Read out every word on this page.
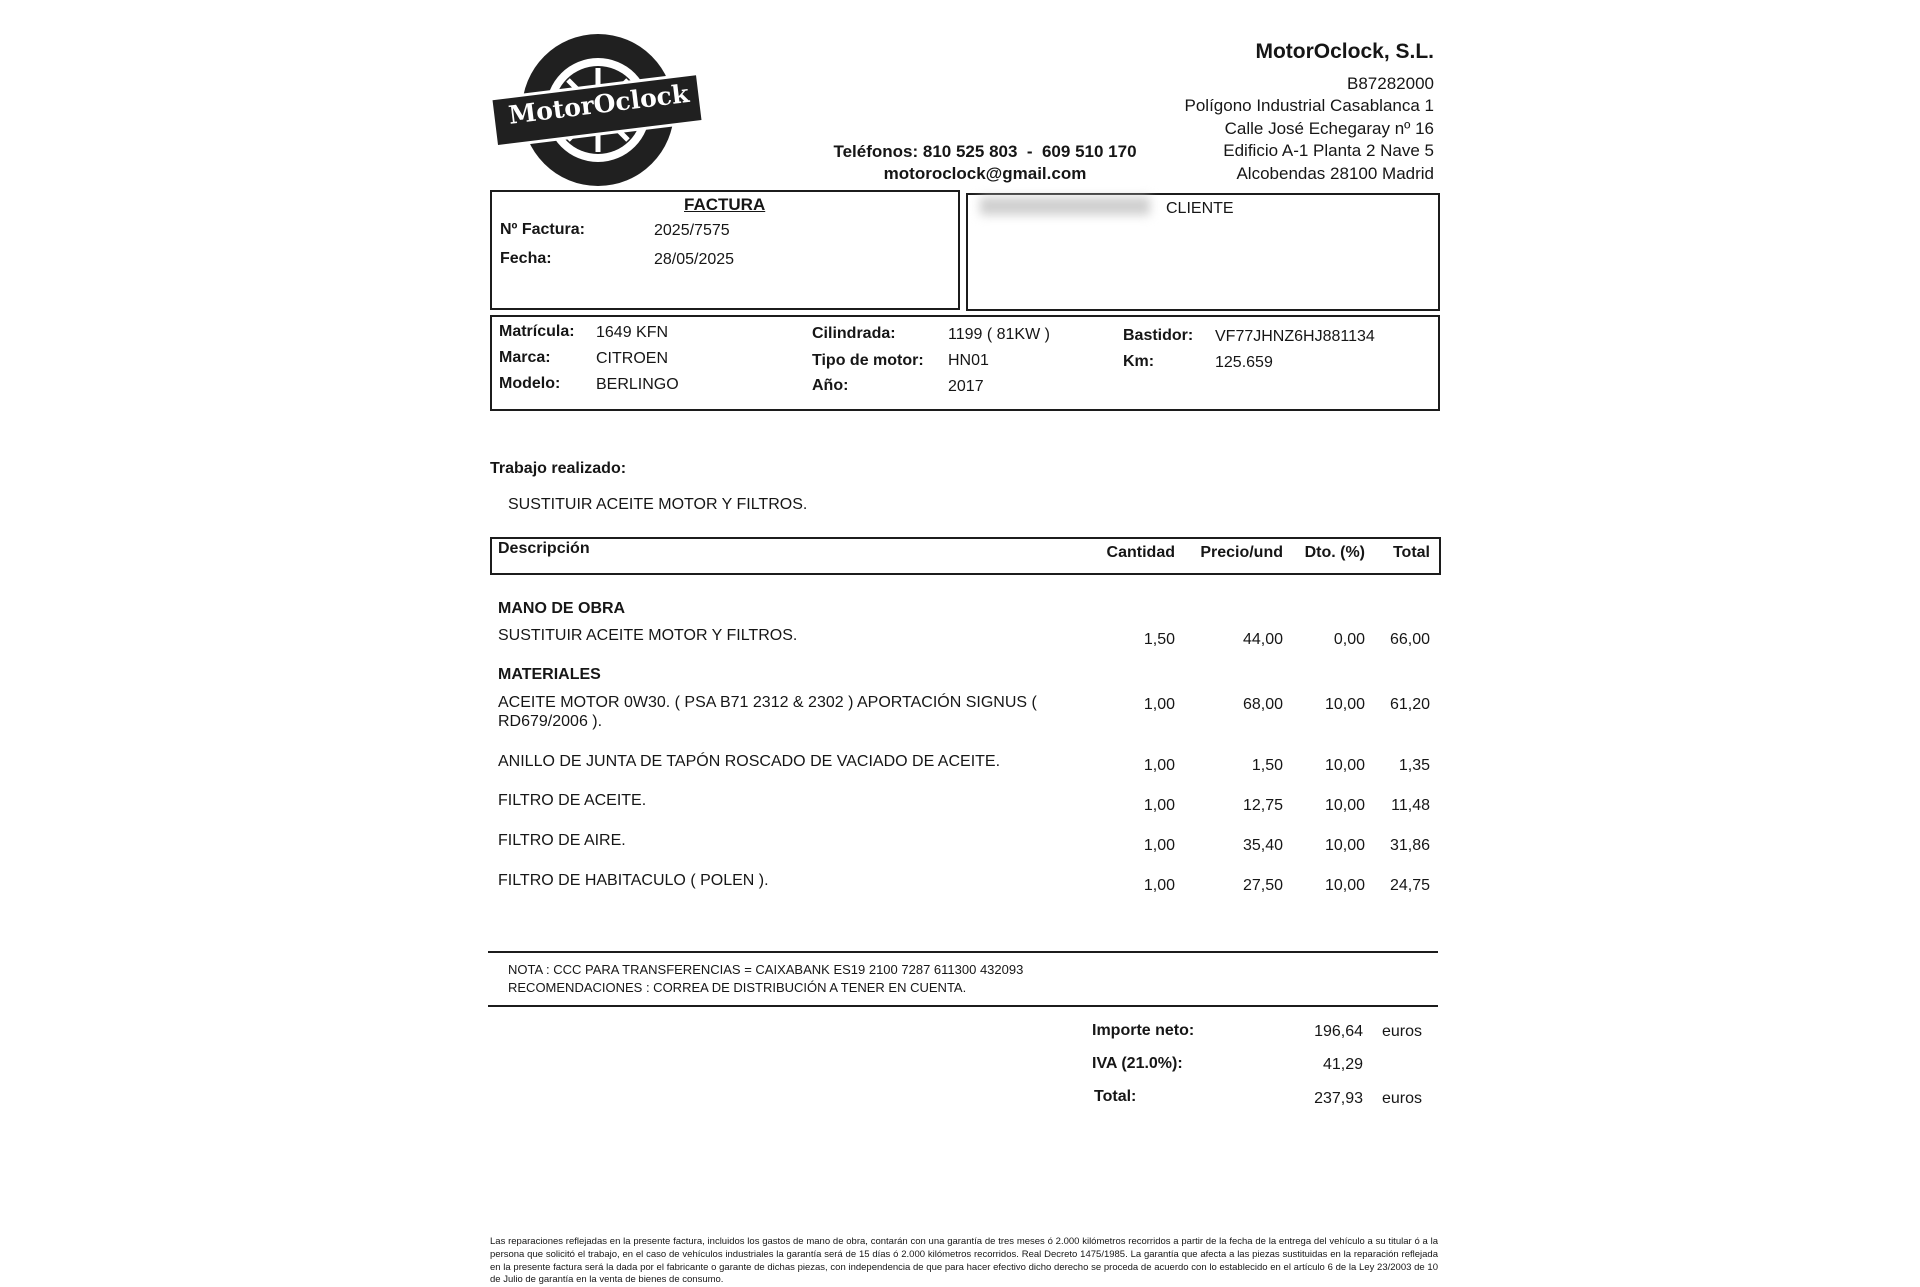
MotorOclock
MotorOclock, S.L.
B87282000
Polígono Industrial Casablanca 1
Calle José Echegaray nº 16
Edificio A-1 Planta 2 Nave 5
Alcobendas 28100 Madrid
Teléfonos: 810 525 803  -  609 510 170
motoroclock@gmail.com
FACTURA
Nº Factura:	2025/7575
Fecha:	28/05/2025
CLIENTE
Matrícula: 1649 KFN
Marca:	CITROEN
Modelo: BERLINGO
Cilindrada:	1199 ( 81KW )
Tipo de motor: HN01
Año:	2017
Bastidor: VF77JHNZ6HJ881134
Km:	125.659
Trabajo realizado:
SUSTITUIR ACEITE MOTOR Y FILTROS.
Descripción	Cantidad	Precio/und	Dto. (%)	Total
MANO DE OBRA
SUSTITUIR ACEITE MOTOR Y FILTROS.	1,50	44,00	0,00	66,00
MATERIALES
ACEITE MOTOR 0W30. ( PSA B71 2312 & 2302 ) APORTACIÓN SIGNUS (
RD679/2006 ).
1,00	68,00	10,00	61,20
ANILLO DE JUNTA DE TAPÓN ROSCADO DE VACIADO DE ACEITE.	1,00	1,50	10,00	1,35
FILTRO DE ACEITE.	1,00	12,75	10,00	11,48
FILTRO DE AIRE.	1,00	35,40	10,00	31,86
FILTRO DE HABITACULO ( POLEN ).	1,00	27,50	10,00	24,75
NOTA : CCC PARA TRANSFERENCIAS = CAIXABANK ES19 2100 7287 611300 432093
RECOMENDACIONES : CORREA DE DISTRIBUCIÓN A TENER EN CUENTA.
Importe neto:	196,64 euros
IVA (21.0%):	41,29
Total:	237,93 euros
Las reparaciones reflejadas en la presente factura, incluidos los gastos de mano de obra, contarán con una garantía de tres meses ó 2.000 kilómetros recorridos a partir de la fecha de la entrega del vehículo a su titular ó a la persona que solicitó el trabajo, en el caso de vehículos industriales la garantía será de 15 días ó 2.000 kilómetros recorridos. Real Decreto 1475/1985. La garantía que afecta a las piezas sustituidas en la reparación reflejada en la presente factura será la dada por el fabricante o garante de dichas piezas, con independencia de que para hacer efectivo dicho derecho se proceda de acuerdo con lo establecido en el artículo 6 de la Ley 23/2003 de 10 de Julio de garantía en la venta de bienes de consumo.
